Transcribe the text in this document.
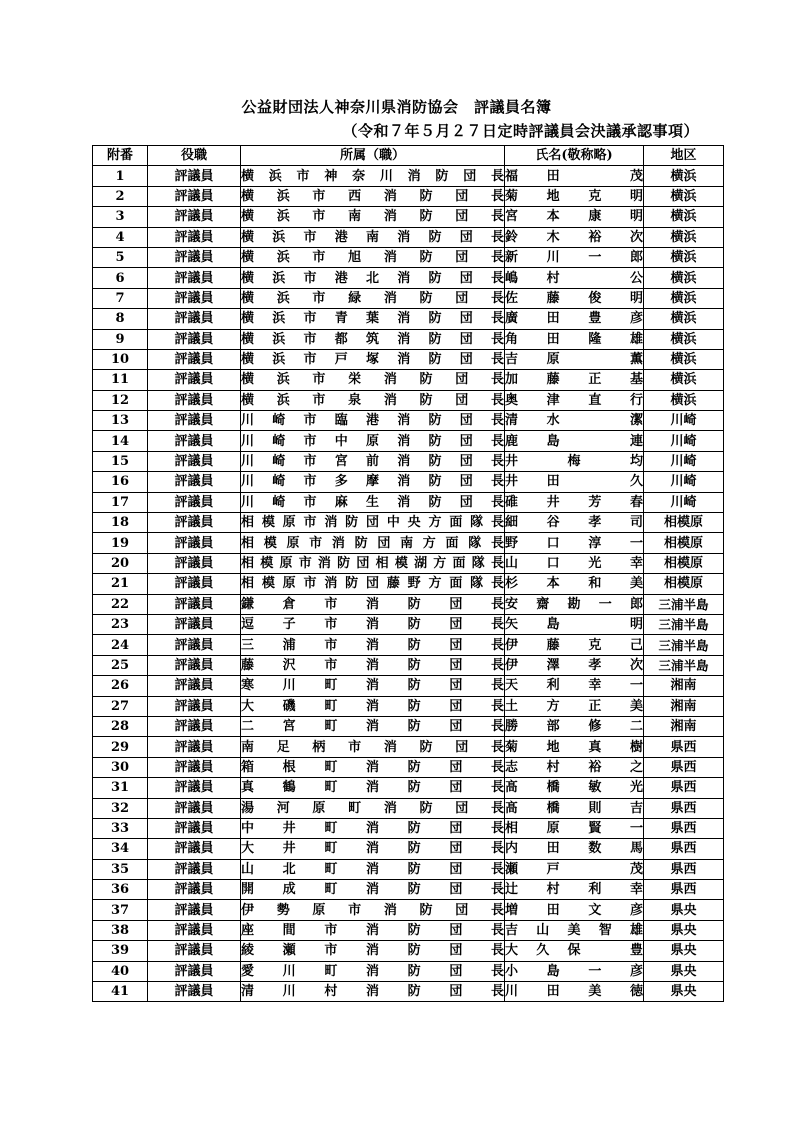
公益財団法人神奈川県消防協会　評議員名簿
（令和７年５月２７日定時評議員会決議承認事項）
附番	役職	所属（職）	氏名(敬称略)	地区
1	評議員	横浜市神奈川消防団長	福田　茂	横浜
2	評議員	横浜市西消防団長	菊地克明	横浜
3	評議員	横浜市南消防団長	宮本康明	横浜
4	評議員	横浜市港南消防団長	鈴木裕次	横浜
5	評議員	横浜市旭消防団長	新川一郎	横浜
6	評議員	横浜市港北消防団長	嶋村　公	横浜
7	評議員	横浜市緑消防団長	佐藤俊明	横浜
8	評議員	横浜市青葉消防団長	廣田豊彦	横浜
9	評議員	横浜市都筑消防団長	角田隆雄	横浜
10	評議員	横浜市戸塚消防団長	吉原　薫	横浜
11	評議員	横浜市栄消防団長	加藤正基	横浜
12	評議員	横浜市泉消防団長	奥津直行	横浜
13	評議員	川崎市臨港消防団長	清水　潔	川崎
14	評議員	川崎市中原消防団長	鹿島　連	川崎
15	評議員	川崎市宮前消防団長	井　梅　均	川崎
16	評議員	川崎市多摩消防団長	井田　久	川崎
17	評議員	川崎市麻生消防団長	碓井芳春	川崎
18	評議員	相模原市消防団中央方面隊長	細谷孝司	相模原
19	評議員	相模原市消防団南方面隊長	野口淳一	相模原
20	評議員	相模原市消防団相模湖方面隊長	山口光幸	相模原
21	評議員	相模原市消防団藤野方面隊長	杉本和美	相模原
22	評議員	鎌倉市消防団長	安齋勘一郎	三浦半島
23	評議員	逗子市消防団長	矢島　明	三浦半島
24	評議員	三浦市消防団長	伊藤克己	三浦半島
25	評議員	藤沢市消防団長	伊澤孝次	三浦半島
26	評議員	寒川町消防団長	天利幸一	湘南
27	評議員	大磯町消防団長	土方正美	湘南
28	評議員	二宮町消防団長	勝部修二	湘南
29	評議員	南足柄市消防団長	菊地真樹	県西
30	評議員	箱根町消防団長	志村裕之	県西
31	評議員	真鶴町消防団長	髙橋敏光	県西
32	評議員	湯河原町消防団長	髙橋則吉	県西
33	評議員	中井町消防団長	相原賢一	県西
34	評議員	大井町消防団長	内田数馬	県西
35	評議員	山北町消防団長	瀬戸　茂	県西
36	評議員	開成町消防団長	辻村利幸	県西
37	評議員	伊勢原市消防団長	増田文彦	県央
38	評議員	座間市消防団長	吉山美智雄	県央
39	評議員	綾瀬市消防団長	大久保　豊	県央
40	評議員	愛川町消防団長	小島一彦	県央
41	評議員	清川村消防団長	川田美徳	県央
